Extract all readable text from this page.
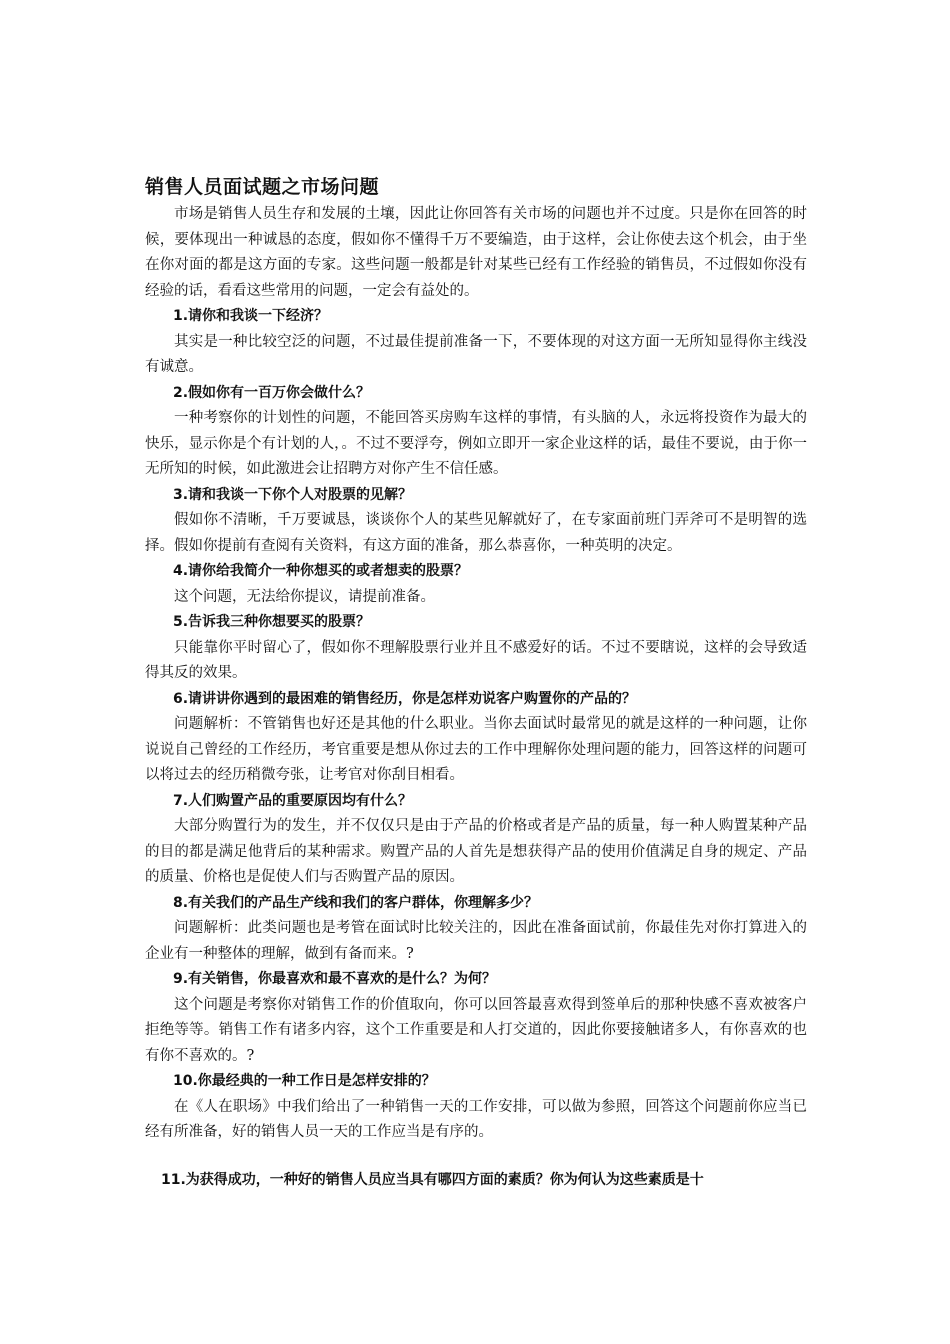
销售人员面试题之市场问题

市场是销售人员生存和发展的土壤，因此让你回答有关市场的问题也并不过度。只是你在回答的时候，要体现出一种诚恳的态度，假如你不懂得千万不要编造，由于这样，会让你使去这个机会，由于坐在你对面的都是这方面的专家。这些问题一般都是针对某些已经有工作经验的销售员，不过假如你没有经验的话，看看这些常用的问题，一定会有益处的。

1.请你和我谈一下经济？

其实是一种比较空泛的问题，不过最佳提前准备一下，不要体现的对这方面一无所知显得你主线没有诚意。

2.假如你有一百万你会做什么？

一种考察你的计划性的问题，不能回答买房购车这样的事情，有头脑的人，永远将投资作为最大的快乐，显示你是个有计划的人，。不过不要浮夸，例如立即开一家企业这样的话，最佳不要说，由于你一无所知的时候，如此激进会让招聘方对你产生不信任感。

3.请和我谈一下你个人对股票的见解？

假如你不清晰，千万要诚恳，谈谈你个人的某些见解就好了，在专家面前班门弄斧可不是明智的选择。假如你提前有查阅有关资料，有这方面的准备，那么恭喜你，一种英明的决定。

4.请你给我简介一种你想买的或者想卖的股票？

这个问题，无法给你提议，请提前准备。

5.告诉我三种你想要买的股票？

只能靠你平时留心了，假如你不理解股票行业并且不感爱好的话。不过不要瞎说，这样的会导致适得其反的效果。

6.请讲讲你遇到的最困难的销售经历，你是怎样劝说客户购置你的产品的？

问题解析：不管销售也好还是其他的什么职业。当你去面试时最常见的就是这样的一种问题，让你说说自己曾经的工作经历，考官重要是想从你过去的工作中理解你处理问题的能力，回答这样的问题可以将过去的经历稍微夸张，让考官对你刮目相看。

7.人们购置产品的重要原因均有什么？

大部分购置行为的发生，并不仅仅只是由于产品的价格或者是产品的质量，每一种人购置某种产品的目的都是满足他背后的某种需求。购置产品的人首先是想获得产品的使用价值满足自身的规定、产品的质量、价格也是促使人们与否购置产品的原因。

8.有关我们的产品生产线和我们的客户群体，你理解多少？

问题解析：此类问题也是考管在面试时比较关注的，因此在准备面试前，你最佳先对你打算进入的企业有一种整体的理解，做到有备而来。?

9.有关销售，你最喜欢和最不喜欢的是什么？为何？

这个问题是考察你对销售工作的价值取向，你可以回答最喜欢得到签单后的那种快感不喜欢被客户拒绝等等。销售工作有诸多内容，这个工作重要是和人打交道的，因此你要接触诸多人，有你喜欢的也有你不喜欢的。?

10.你最经典的一种工作日是怎样安排的？

在《人在职场》中我们给出了一种销售一天的工作安排，可以做为参照，回答这个问题前你应当已经有所准备，好的销售人员一天的工作应当是有序的。

11.为获得成功，一种好的销售人员应当具有哪四方面的素质？你为何认为这些素质是十
